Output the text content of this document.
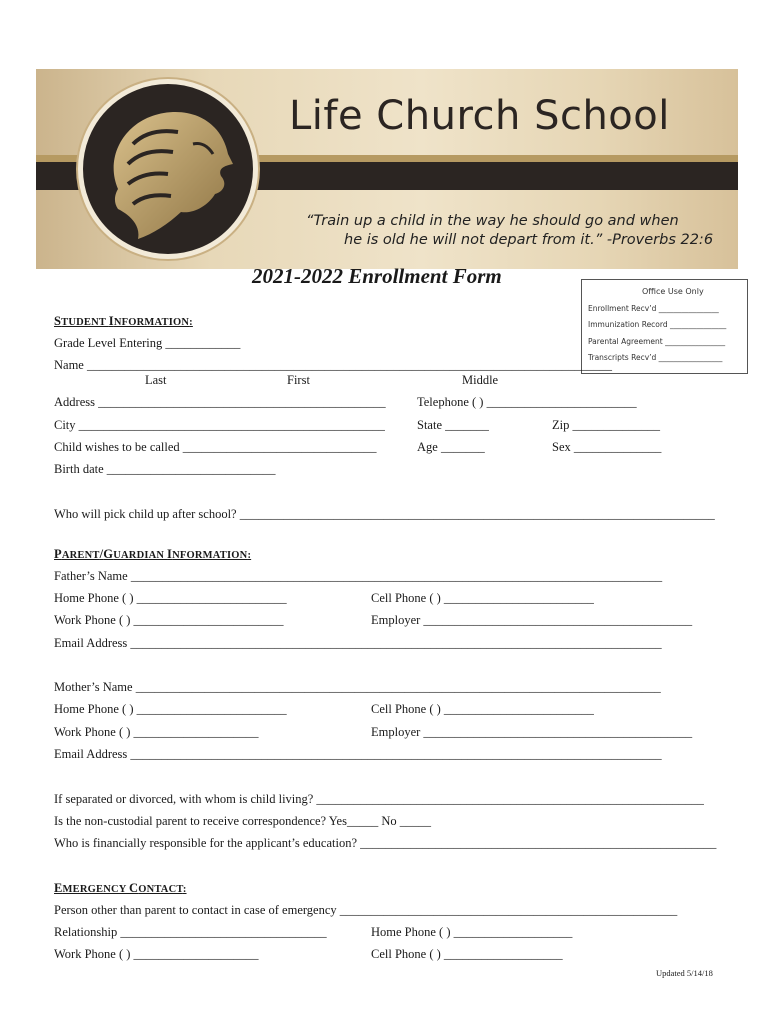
Life Church School
“Train up a child in the way he should go and when
he is old he will not depart from it.” -Proverbs 22:6
2021-2022 Enrollment Form
Office Use Only
Enrollment Recv’d ________________
Immunization Record _______________
Parental Agreement ________________
Transcripts Recv’d _________________
STUDENT INFORMATION:
Grade Level Entering ____________
Name ____________________________________________________________________________________
Last	First	Middle
Address ______________________________________________	Telephone ( ) ________________________
City _________________________________________________	State _______	Zip ______________
Child wishes to be called _______________________________	Age _______	Sex ______________
Birth date ___________________________
Who will pick child up after school? ____________________________________________________________________________
PARENT/GUARDIAN INFORMATION:
Father’s Name _____________________________________________________________________________________
Home Phone ( ) ________________________	Cell Phone ( ) ________________________
Work Phone ( ) ________________________	Employer ___________________________________________
Email Address _____________________________________________________________________________________
Mother’s Name ____________________________________________________________________________________
Home Phone ( ) ________________________	Cell Phone ( ) ________________________
Work Phone ( ) ____________________	Employer ___________________________________________
Email Address _____________________________________________________________________________________
If separated or divorced, with whom is child living? ______________________________________________________________
Is the non-custodial parent to receive correspondence? Yes_____ No _____
Who is financially responsible for the applicant’s education? _________________________________________________________
EMERGENCY CONTACT:
Person other than parent to contact in case of emergency ______________________________________________________
Relationship _________________________________	Home Phone ( ) ___________________
Work Phone ( ) ____________________	Cell Phone ( ) ___________________
Updated 5/14/18
